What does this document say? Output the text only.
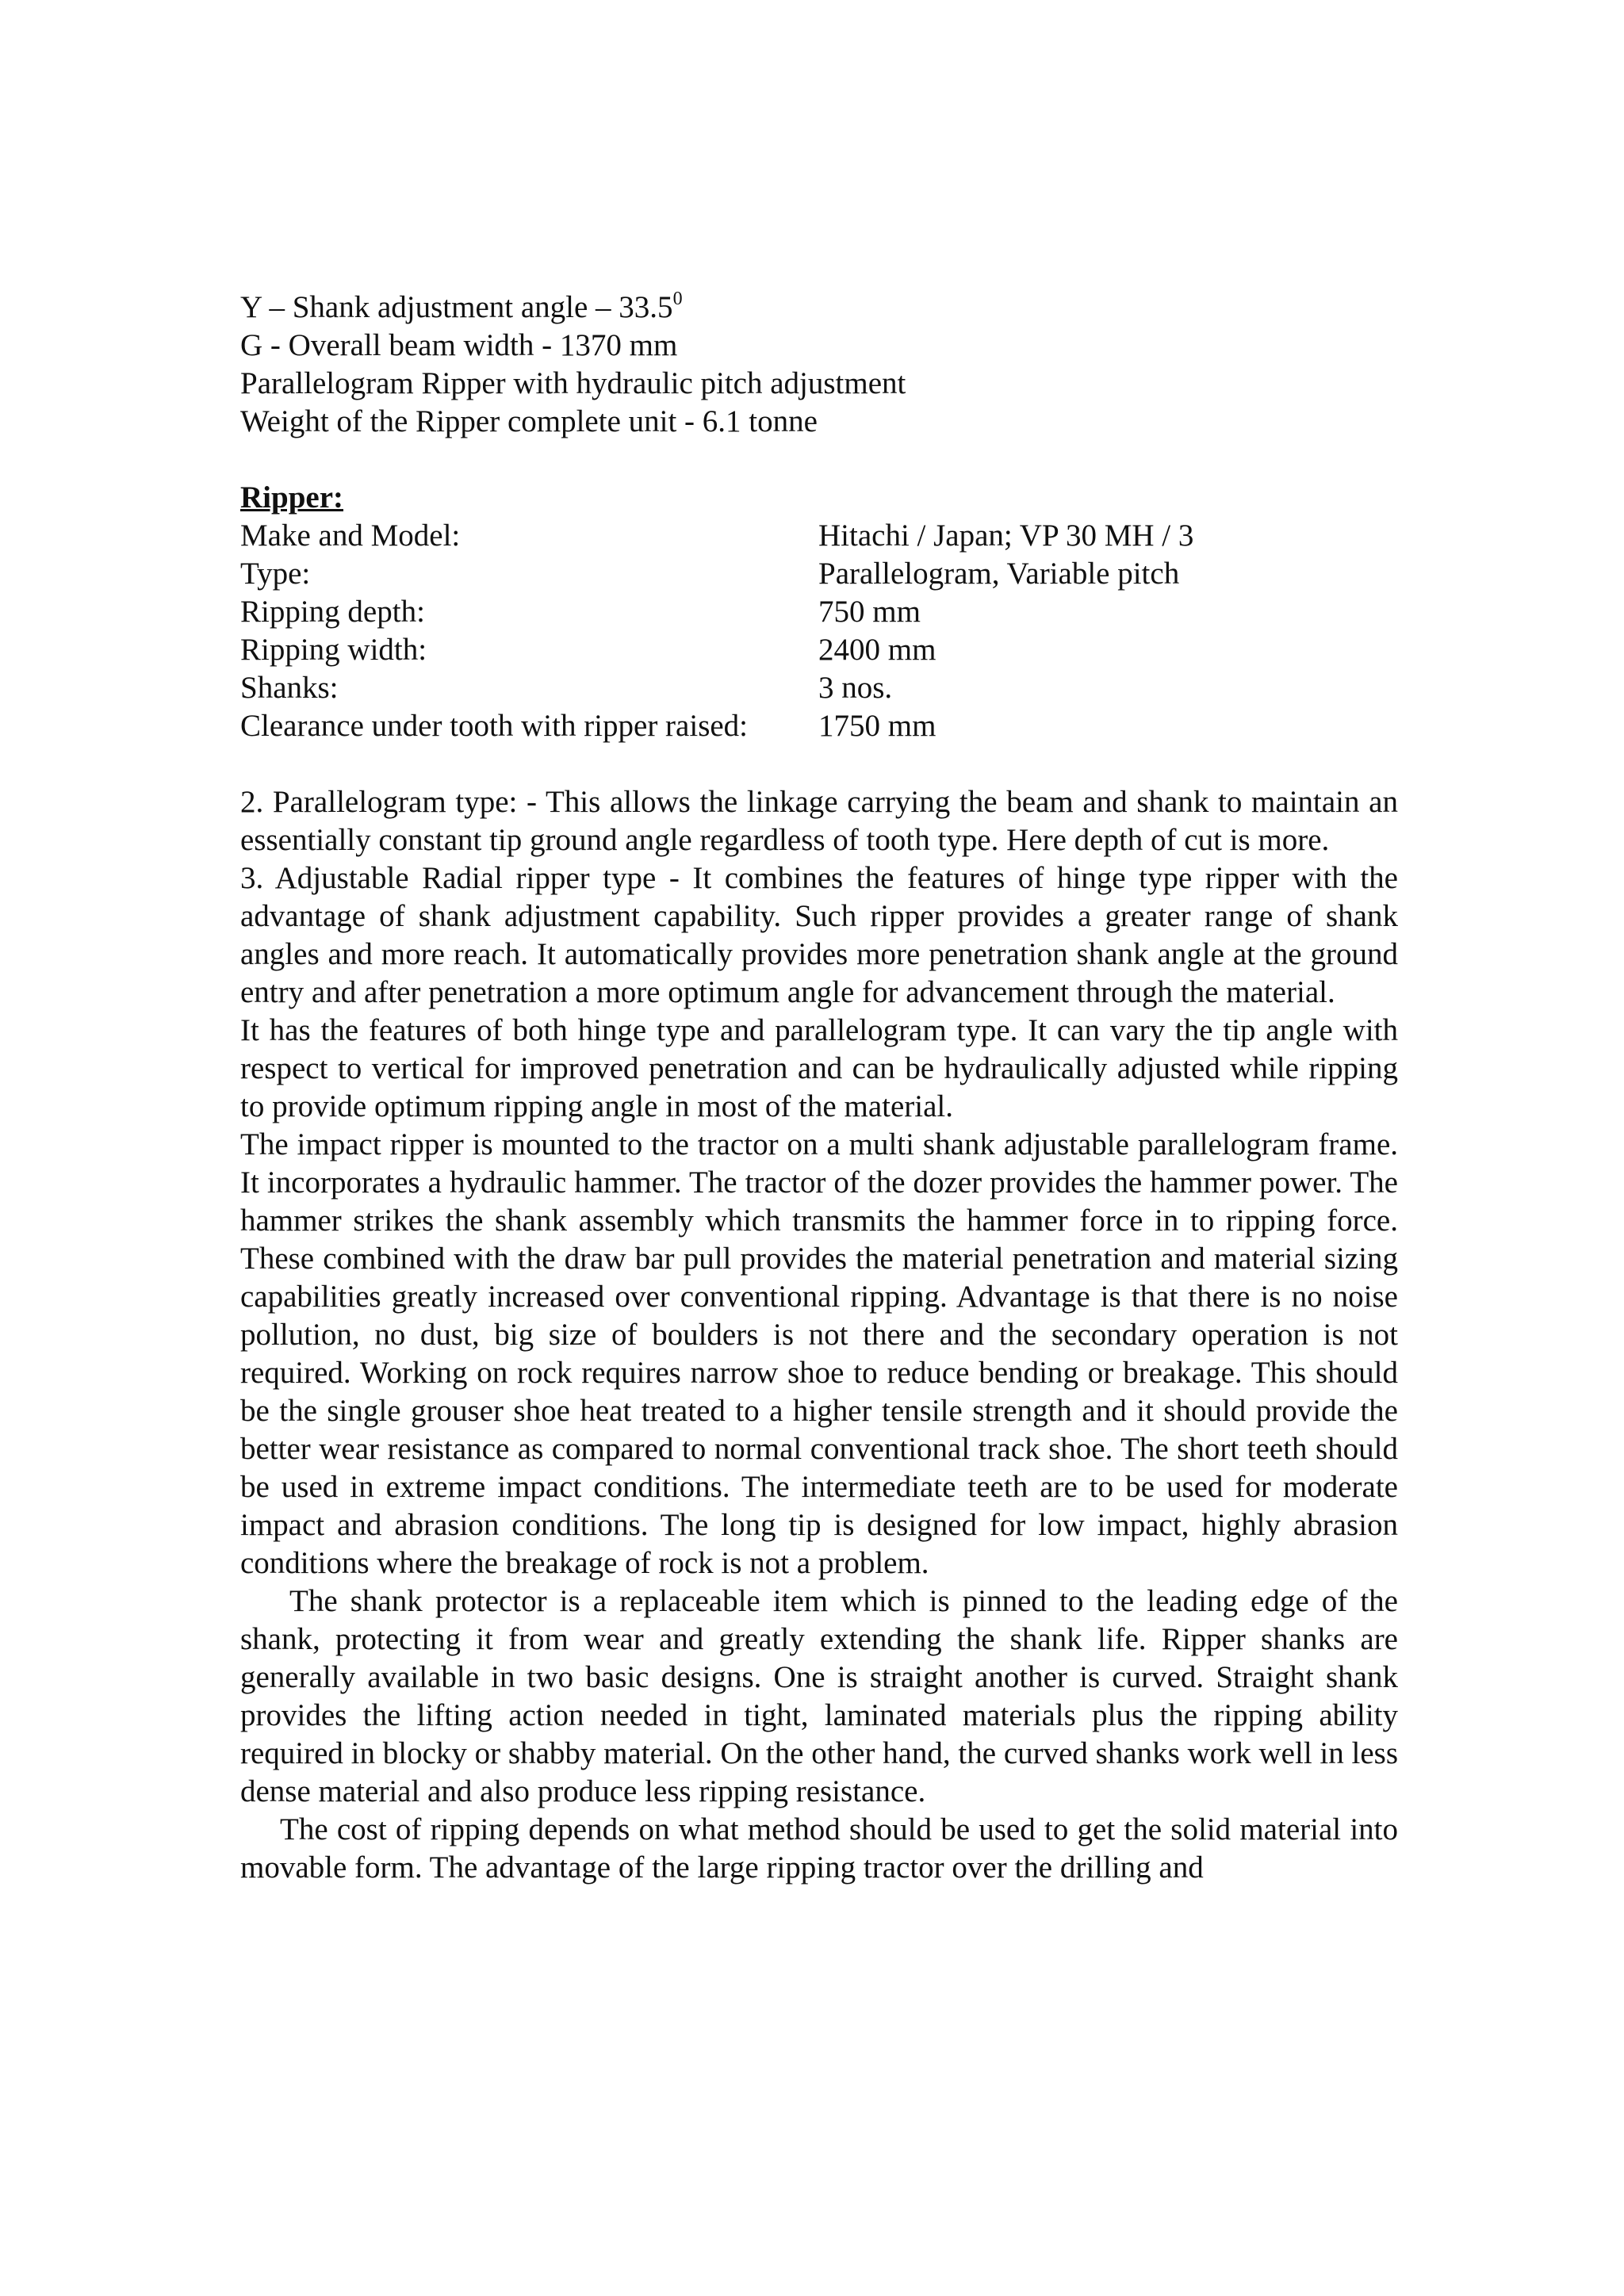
Y – Shank adjustment angle – 33.5$^0$
G - Overall beam width - 1370 mm
Parallelogram Ripper with hydraulic pitch adjustment
Weight of the Ripper complete unit - 6.1 tonne
Ripper:
Make and Model:	Hitachi / Japan; VP 30 MH / 3
Type:	Parallelogram, Variable pitch
Ripping depth:	750 mm
Ripping width:	2400 mm
Shanks:	3 nos.
Clearance under tooth with ripper raised:	1750 mm

2. Parallelogram type: - This allows the linkage carrying the beam and shank to maintain an essentially constant tip ground angle regardless of tooth type. Here depth of cut is more.

3. Adjustable Radial ripper type - It combines the features of hinge type ripper with the advantage of shank adjustment capability. Such ripper provides a greater range of shank angles and more reach. It automatically provides more penetration shank angle at the ground entry and after penetration a more optimum angle for advancement through the material.

It has the features of both hinge type and parallelogram type. It can vary the tip angle with respect to vertical for improved penetration and can be hydraulically adjusted while ripping to provide optimum ripping angle in most of the material.

The impact ripper is mounted to the tractor on a multi shank adjustable parallelogram frame. It incorporates a hydraulic hammer. The tractor of the dozer provides the hammer power. The hammer strikes the shank assembly which transmits the hammer force in to ripping force. These combined with the draw bar pull provides the material penetration and material sizing capabilities greatly increased over conventional ripping. Advantage is that there is no noise pollution, no dust, big size of boulders is not there and the secondary operation is not required. Working on rock requires narrow shoe to reduce bending or breakage. This should be the single grouser shoe heat treated to a higher tensile strength and it should provide the better wear resistance as compared to normal conventional track shoe. The short teeth should be used in extreme impact conditions. The intermediate teeth are to be used for moderate impact and abrasion conditions. The long tip is designed for low impact, highly abrasion conditions where the breakage of rock is not a problem.

The shank protector is a replaceable item which is pinned to the leading edge of the shank, protecting it from wear and greatly extending the shank life. Ripper shanks are generally available in two basic designs. One is straight another is curved. Straight shank provides the lifting action needed in tight, laminated materials plus the ripping ability required in blocky or shabby material. On the other hand, the curved shanks work well in less dense material and also produce less ripping resistance.

The cost of ripping depends on what method should be used to get the solid material into movable form. The advantage of the large ripping tractor over the drilling and
